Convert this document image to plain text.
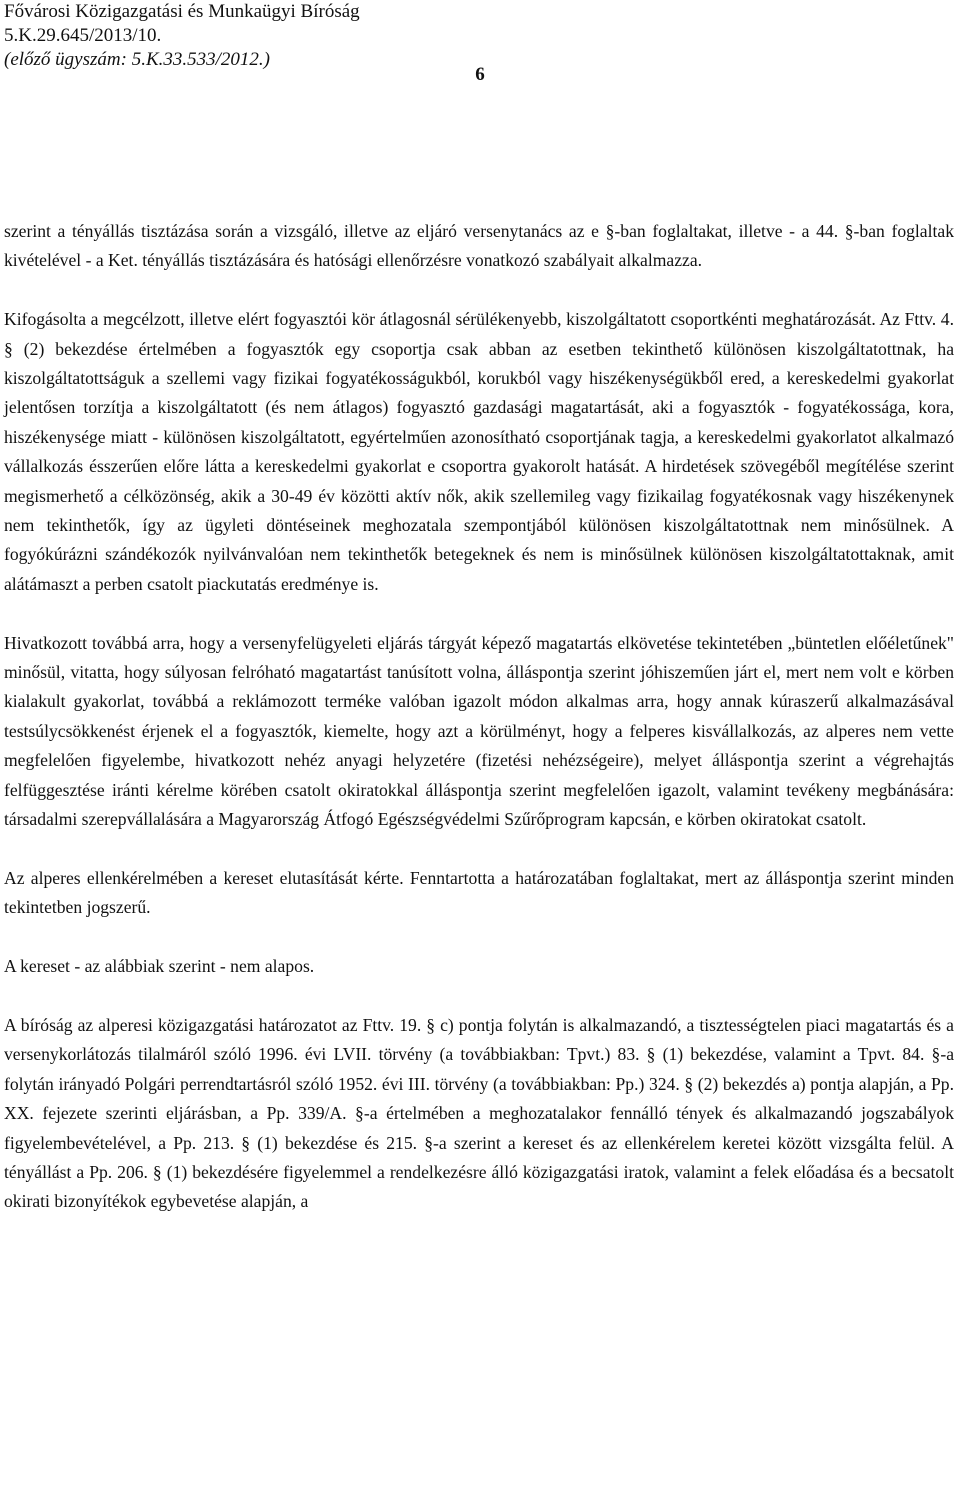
Fővárosi Közigazgatási és Munkaügyi Bíróság
5.K.29.645/2013/10.
(előző ügyszám: 5.K.33.533/2012.)
6

szerint a tényállás tisztázása során a vizsgáló, illetve az eljáró versenytanács az e §-ban foglaltakat, illetve - a 44. §-ban foglaltak kivételével - a Ket. tényállás tisztázására és hatósági ellenőrzésre vonatkozó szabályait alkalmazza.

Kifogásolta a megcélzott, illetve elért fogyasztói kör átlagosnál sérülékenyebb, kiszolgáltatott csoportkénti meghatározását. Az Fttv. 4. § (2) bekezdése értelmében a fogyasztók egy csoportja csak abban az esetben tekinthető különösen kiszolgáltatottnak, ha kiszolgáltatottságuk a szellemi vagy fizikai fogyatékosságukból, korukból vagy hiszékenységükből ered, a kereskedelmi gyakorlat jelentősen torzítja a kiszolgáltatott (és nem átlagos) fogyasztó gazdasági magatartását, aki a fogyasztók - fogyatékossága, kora, hiszékenysége miatt - különösen kiszolgáltatott, egyértelműen azonosítható csoportjának tagja, a kereskedelmi gyakorlatot alkalmazó vállalkozás ésszerűen előre látta a kereskedelmi gyakorlat e csoportra gyakorolt hatását. A hirdetések szövegéből megítélése szerint megismerhető a célközönség, akik a 30-49 év közötti aktív nők, akik szellemileg vagy fizikailag fogyatékosnak vagy hiszékenynek nem tekinthetők, így az ügyleti döntéseinek meghozatala szempontjából különösen kiszolgáltatottnak nem minősülnek. A fogyókúrázni szándékozók nyilvánvalóan nem tekinthetők betegeknek és nem is minősülnek különösen kiszolgáltatottaknak, amit alátámaszt a perben csatolt piackutatás eredménye is.

Hivatkozott továbbá arra, hogy a versenyfelügyeleti eljárás tárgyát képező magatartás elkövetése tekintetében „büntetlen előéletűnek" minősül, vitatta, hogy súlyosan felróható magatartást tanúsított volna, álláspontja szerint jóhiszeműen járt el, mert nem volt e körben kialakult gyakorlat, továbbá a reklámozott terméke valóban igazolt módon alkalmas arra, hogy annak kúraszerű alkalmazásával testsúlycsökkenést érjenek el a fogyasztók, kiemelte, hogy azt a körülményt, hogy a felperes kisvállalkozás, az alperes nem vette megfelelően figyelembe, hivatkozott nehéz anyagi helyzetére (fizetési nehézségeire), melyet álláspontja szerint a végrehajtás felfüggesztése iránti kérelme körében csatolt okiratokkal álláspontja szerint megfelelően igazolt, valamint tevékeny megbánására: társadalmi szerepvállalására a Magyarország Átfogó Egészségvédelmi Szűrőprogram kapcsán, e körben okiratokat csatolt.

Az alperes ellenkérelmében a kereset elutasítását kérte. Fenntartotta a határozatában foglaltakat, mert az álláspontja szerint minden tekintetben jogszerű.

A kereset - az alábbiak szerint - nem alapos.

A bíróság az alperesi közigazgatási határozatot az Fttv. 19. § c) pontja folytán is alkalmazandó, a tisztességtelen piaci magatartás és a versenykorlátozás tilalmáról szóló 1996. évi LVII. törvény (a továbbiakban: Tpvt.) 83. § (1) bekezdése, valamint a Tpvt. 84. §-a folytán irányadó Polgári perrendtartásról szóló 1952. évi III. törvény (a továbbiakban: Pp.) 324. § (2) bekezdés a) pontja alapján, a Pp. XX. fejezete szerinti eljárásban, a Pp. 339/A. §-a értelmében a meghozatalakor fennálló tények és alkalmazandó jogszabályok figyelembevételével, a Pp. 213. § (1) bekezdése és 215. §-a szerint a kereset és az ellenkérelem keretei között vizsgálta felül. A tényállást a Pp. 206. § (1) bekezdésére figyelemmel a rendelkezésre álló közigazgatási iratok, valamint a felek előadása és a becsatolt okirati bizonyítékok egybevetése alapján, a
